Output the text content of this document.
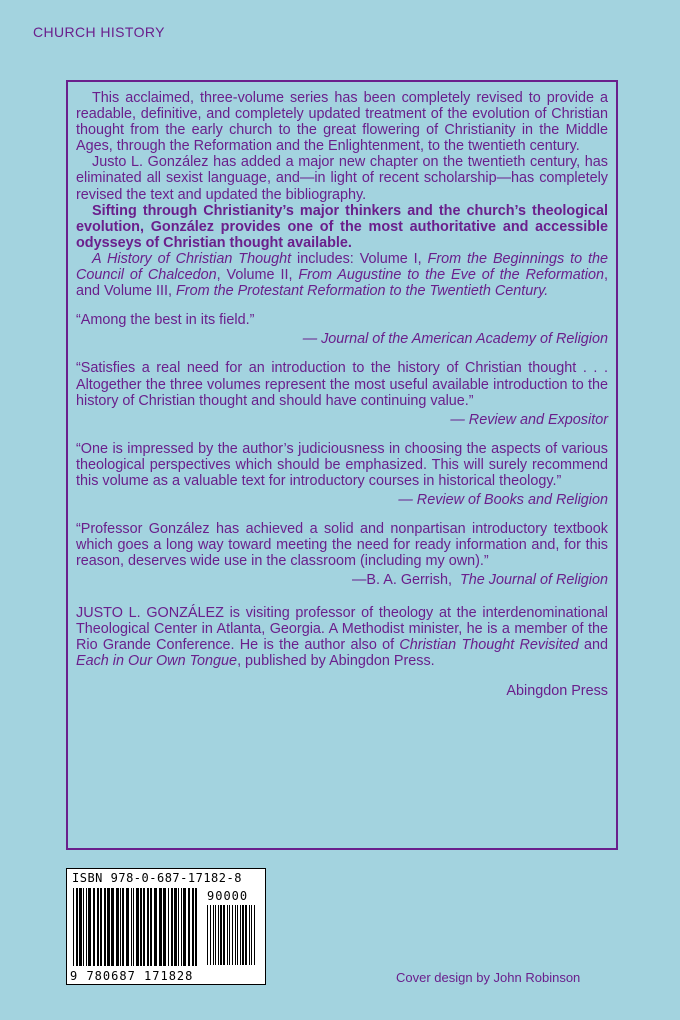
CHURCH HISTORY

This acclaimed, three-volume series has been completely revised to provide a readable, definitive, and completely updated treatment of the evolution of Christian thought from the early church to the great flowering of Christianity in the Middle Ages, through the Reformation and the Enlightenment, to the twentieth century.

Justo L. González has added a major new chapter on the twentieth century, has eliminated all sexist language, and—in light of recent scholarship—has completely revised the text and updated the bibliography.

Sifting through Christianity’s major thinkers and the church’s theological evolution, González provides one of the most authoritative and accessible odysseys of Christian thought available.

A History of Christian Thought includes: Volume I, From the Beginnings to the Council of Chalcedon, Volume II, From Augustine to the Eve of the Reformation, and Volume III, From the Protestant Reformation to the Twentieth Century.

“Among the best in its field.”

— Journal of the American Academy of Religion

“Satisfies a real need for an introduction to the history of Christian thought . . . Altogether the three volumes represent the most useful available introduction to the history of Christian thought and should have continuing value.”

— Review and Expositor

“One is impressed by the author’s judiciousness in choosing the aspects of various theological perspectives which should be emphasized. This will surely recommend this volume as a valuable text for introductory courses in historical theology.”

— Review of Books and Religion

“Professor González has achieved a solid and nonpartisan introductory textbook which goes a long way toward meeting the need for ready information and, for this reason, deserves wide use in the classroom (including my own).”

—B. A. Gerrish, The Journal of Religion

JUSTO L. GONZÁLEZ is visiting professor of theology at the interdenominational Theological Center in Atlanta, Georgia. A Methodist minister, he is a member of the Rio Grande Conference. He is the author also of Christian Thought Revisited and Each in Our Own Tongue, published by Abingdon Press.

Abingdon Press

ISBN 978-0-687-17182-8
90000
9 780687 171828	Cover design by John Robinson
